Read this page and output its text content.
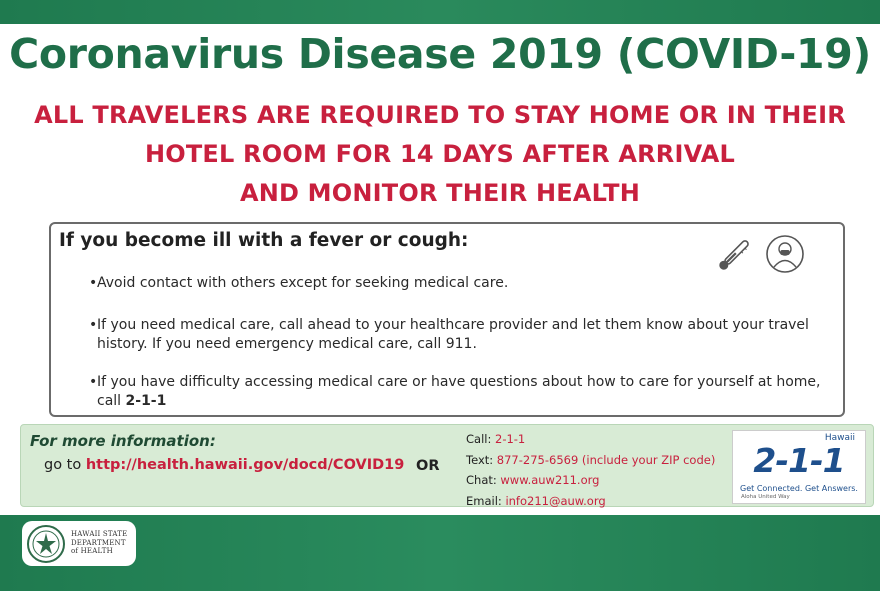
Coronavirus Disease 2019 (COVID-19)
ALL TRAVELERS ARE REQUIRED TO STAY HOME OR IN THEIR
HOTEL ROOM FOR 14 DAYS AFTER ARRIVAL
AND MONITOR THEIR HEALTH
If you become ill with a fever or cough:
• Avoid contact with others except for seeking medical care.
• If you need medical care, call ahead to your healthcare provider and let them know about your travel history. If you need emergency medical care, call 911.
• If you have difficulty accessing medical care or have questions about how to care for yourself at home, call 2-1-1
For more information:
go to http://health.hawaii.gov/docd/COVID19 OR
Call: 2-1-1
Text: 877-275-6569 (include your ZIP code)
Chat: www.auw211.org
Email: info211@auw.org
Hawaii
2-1-1
Get Connected. Get Answers.
Aloha United Way
HAWAII STATE
DEPARTMENT
of HEALTH
